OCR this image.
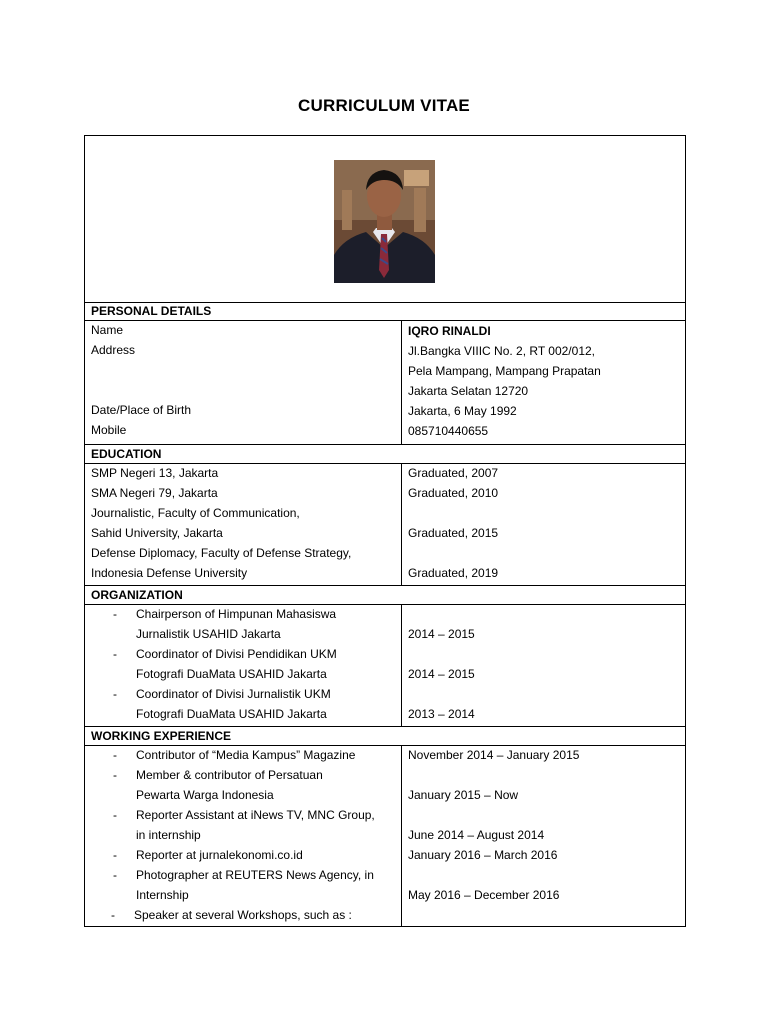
CURRICULUM VITAE
PERSONAL DETAILS
Name
Address
Date/Place of Birth
Mobile
IQRO RINALDI
Jl.Bangka VIIIC No. 2, RT 002/012,
Pela Mampang, Mampang Prapatan
Jakarta Selatan 12720
Jakarta, 6 May 1992
085710440655
EDUCATION
SMP Negeri 13, Jakarta
SMA Negeri 79, Jakarta
Journalistic, Faculty of Communication,
Sahid University, Jakarta
Defense Diplomacy, Faculty of Defense Strategy,
Indonesia Defense University
Graduated, 2007
Graduated, 2010
Graduated, 2015
Graduated, 2019
ORGANIZATION
- Chairperson of Himpunan Mahasiswa
Jurnalistik USAHID Jakarta
- Coordinator of Divisi Pendidikan UKM
Fotografi DuaMata USAHID Jakarta
- Coordinator of Divisi Jurnalistik UKM
Fotografi DuaMata USAHID Jakarta
2014 – 2015
2014 – 2015
2013 – 2014
WORKING EXPERIENCE
- Contributor of “Media Kampus” Magazine
- Member & contributor of Persatuan
Pewarta Warga Indonesia
- Reporter Assistant at iNews TV, MNC Group,
in internship
- Reporter at jurnalekonomi.co.id
- Photographer at REUTERS News Agency, in
Internship
- Speaker at several Workshops, such as :
November 2014 – January 2015
January 2015 – Now
June 2014 – August 2014
January 2016 – March 2016
May 2016 – December 2016
